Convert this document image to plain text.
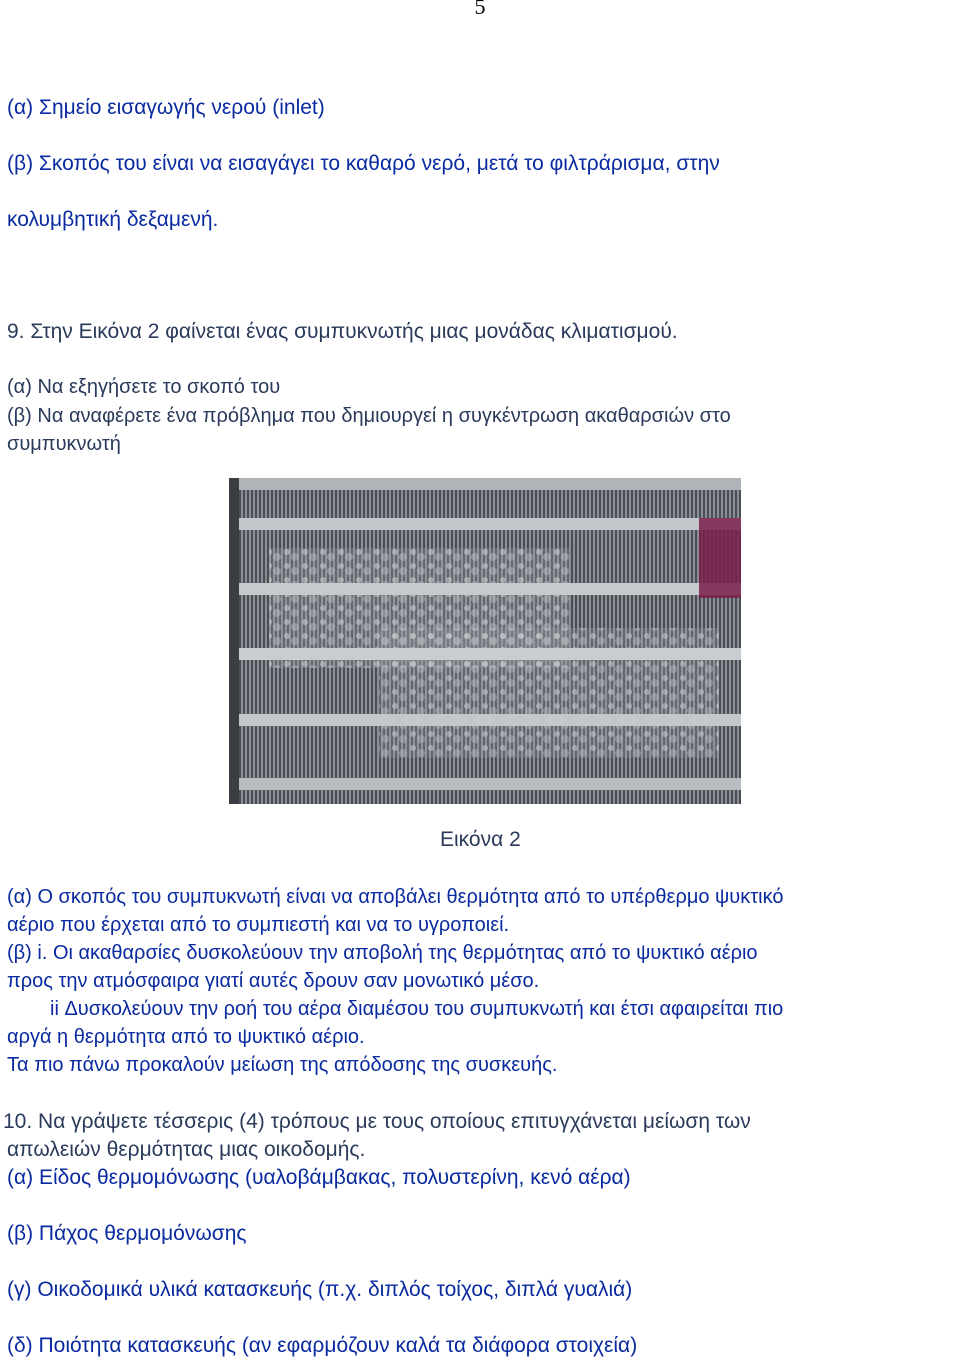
5
(α) Σημείο εισαγωγής νερού (inlet)
(β) Σκοπός του είναι να εισαγάγει το καθαρό νερό, μετά το φιλτράρισμα, στην
κολυμβητική δεξαμενή.
9. Στην Εικόνα 2 φαίνεται ένας συμπυκνωτής μιας μονάδας κλιματισμού.
(α) Να εξηγήσετε το σκοπό του
(β) Να αναφέρετε ένα πρόβλημα που δημιουργεί η συγκέντρωση ακαθαρσιών στο
συμπυκνωτή
Εικόνα 2
(α) Ο σκοπός του συμπυκνωτή είναι να αποβάλει θερμότητα από το υπέρθερμο ψυκτικό
αέριο που έρχεται από το συμπιεστή και να το υγροποιεί.
(β) i. Οι ακαθαρσίες δυσκολεύουν την αποβολή της θερμότητας από το ψυκτικό αέριο
προς την ατμόσφαιρα γιατί αυτές δρουν σαν μονωτικό μέσο.
ii Δυσκολεύουν την ροή του αέρα διαμέσου του συμπυκνωτή και έτσι αφαιρείται πιο
αργά η θερμότητα από το ψυκτικό αέριο.
Τα πιο πάνω προκαλούν μείωση της απόδοσης της συσκευής.
10. Να γράψετε τέσσερις (4) τρόπους με τους οποίους επιτυγχάνεται μείωση των
απωλειών θερμότητας μιας οικοδομής.
(α) Είδος θερμομόνωσης (υαλοβάμβακας, πολυστερίνη, κενό αέρα)
(β) Πάχος θερμομόνωσης
(γ) Οικοδομικά υλικά κατασκευής (π.χ. διπλός τοίχος, διπλά γυαλιά)
(δ) Ποιότητα κατασκευής (αν εφαρμόζουν καλά τα διάφορα στοιχεία)
